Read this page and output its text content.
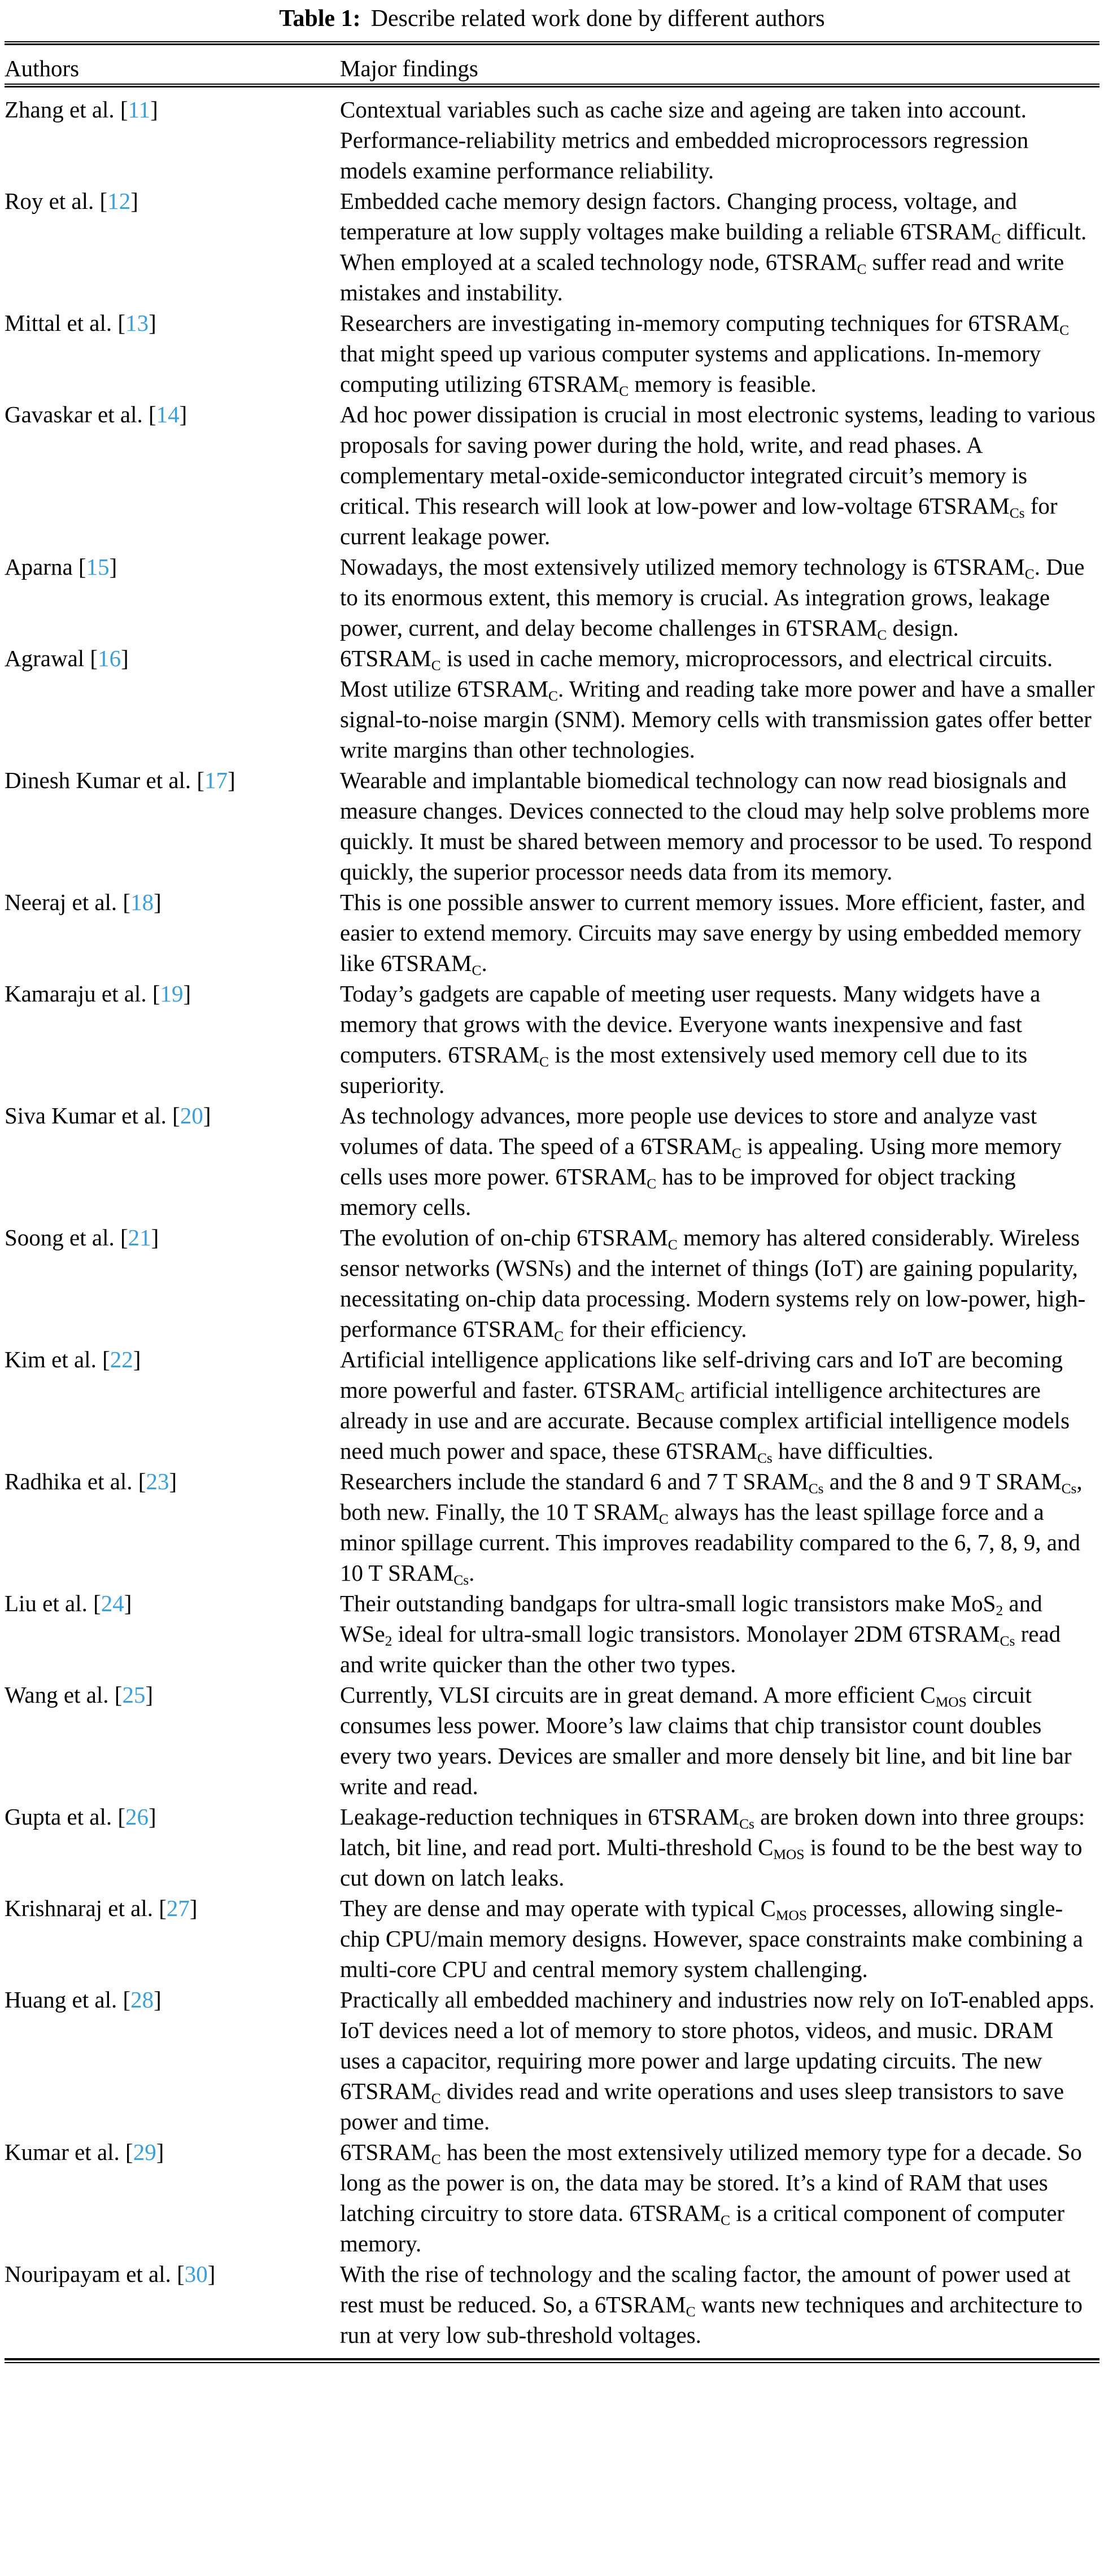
Table 1: Describe related work done by different authors
Authors	Major findings
Zhang et al. [11]	Contextual variables such as cache size and ageing are taken into account. Performance-reliability metrics and embedded microprocessors regression models examine performance reliability.
Roy et al. [12]	Embedded cache memory design factors. Changing process, voltage, and temperature at low supply voltages make building a reliable $6TSRAM_C$ difficult. When employed at a scaled technology node, $6TSRAM_C$ suffer read and write mistakes and instability.
Mittal et al. [13]	Researchers are investigating in-memory computing techniques for $6TSRAM_C$ that might speed up various computer systems and applications. In-memory computing utilizing $6TSRAM_C$ memory is feasible.
Gavaskar et al. [14]	Ad hoc power dissipation is crucial in most electronic systems, leading to various proposals for saving power during the hold, write, and read phases. A complementary metal-oxide-semiconductor integrated circuit’s memory is critical. This research will look at low-power and low-voltage $6TSRAM_{Cs}$ for current leakage power.
Aparna [15]	Nowadays, the most extensively utilized memory technology is $6TSRAM_C$. Due to its enormous extent, this memory is crucial. As integration grows, leakage power, current, and delay become challenges in $6TSRAM_C$ design.
Agrawal [16]	$6TSRAM_C$ is used in cache memory, microprocessors, and electrical circuits. Most utilize $6TSRAM_C$. Writing and reading take more power and have a smaller signal-to-noise margin (SNM). Memory cells with transmission gates offer better write margins than other technologies.
Dinesh Kumar et al. [17]	Wearable and implantable biomedical technology can now read biosignals and measure changes. Devices connected to the cloud may help solve problems more quickly. It must be shared between memory and processor to be used. To respond quickly, the superior processor needs data from its memory.
Neeraj et al. [18]	This is one possible answer to current memory issues. More efficient, faster, and easier to extend memory. Circuits may save energy by using embedded memory like $6TSRAM_C$.
Kamaraju et al. [19]	Today’s gadgets are capable of meeting user requests. Many widgets have a memory that grows with the device. Everyone wants inexpensive and fast computers. $6TSRAM_C$ is the most extensively used memory cell due to its superiority.
Siva Kumar et al. [20]	As technology advances, more people use devices to store and analyze vast volumes of data. The speed of a $6TSRAM_C$ is appealing. Using more memory cells uses more power. $6TSRAM_C$ has to be improved for object tracking memory cells.
Soong et al. [21]	The evolution of on-chip $6TSRAM_C$ memory has altered considerably. Wireless sensor networks (WSNs) and the internet of things (IoT) are gaining popularity, necessitating on-chip data processing. Modern systems rely on low-power, high-performance $6TSRAM_C$ for their efficiency.
Kim et al. [22]	Artificial intelligence applications like self-driving cars and IoT are becoming more powerful and faster. $6TSRAM_C$ artificial intelligence architectures are already in use and are accurate. Because complex artificial intelligence models need much power and space, these $6TSRAM_{Cs}$ have difficulties.
Radhika et al. [23]	Researchers include the standard 6 and 7 T $SRAM_{Cs}$ and the 8 and 9 T $SRAM_{Cs}$, both new. Finally, the 10 T $SRAM_C$ always has the least spillage force and a minor spillage current. This improves readability compared to the 6, 7, 8, 9, and 10 T $SRAM_{Cs}$.
Liu et al. [24]	Their outstanding bandgaps for ultra-small logic transistors make MoS$_2$ and WSe$_2$ ideal for ultra-small logic transistors. Monolayer 2DM $6TSRAM_{Cs}$ read and write quicker than the other two types.
Wang et al. [25]	Currently, VLSI circuits are in great demand. A more efficient $C_{MOS}$ circuit consumes less power. Moore’s law claims that chip transistor count doubles every two years. Devices are smaller and more densely bit line, and bit line bar write and read.
Gupta et al. [26]	Leakage-reduction techniques in $6TSRAM_{Cs}$ are broken down into three groups: latch, bit line, and read port. Multi-threshold $C_{MOS}$ is found to be the best way to cut down on latch leaks.
Krishnaraj et al. [27]	They are dense and may operate with typical $C_{MOS}$ processes, allowing single-chip CPU/main memory designs. However, space constraints make combining a multi-core CPU and central memory system challenging.
Huang et al. [28]	Practically all embedded machinery and industries now rely on IoT-enabled apps. IoT devices need a lot of memory to store photos, videos, and music. DRAM uses a capacitor, requiring more power and large updating circuits. The new $6TSRAM_C$ divides read and write operations and uses sleep transistors to save power and time.
Kumar et al. [29]	$6TSRAM_C$ has been the most extensively utilized memory type for a decade. So long as the power is on, the data may be stored. It’s a kind of RAM that uses latching circuitry to store data. $6TSRAM_C$ is a critical component of computer memory.
Nouripayam et al. [30]	With the rise of technology and the scaling factor, the amount of power used at rest must be reduced. So, a $6TSRAM_C$ wants new techniques and architecture to run at very low sub-threshold voltages.
